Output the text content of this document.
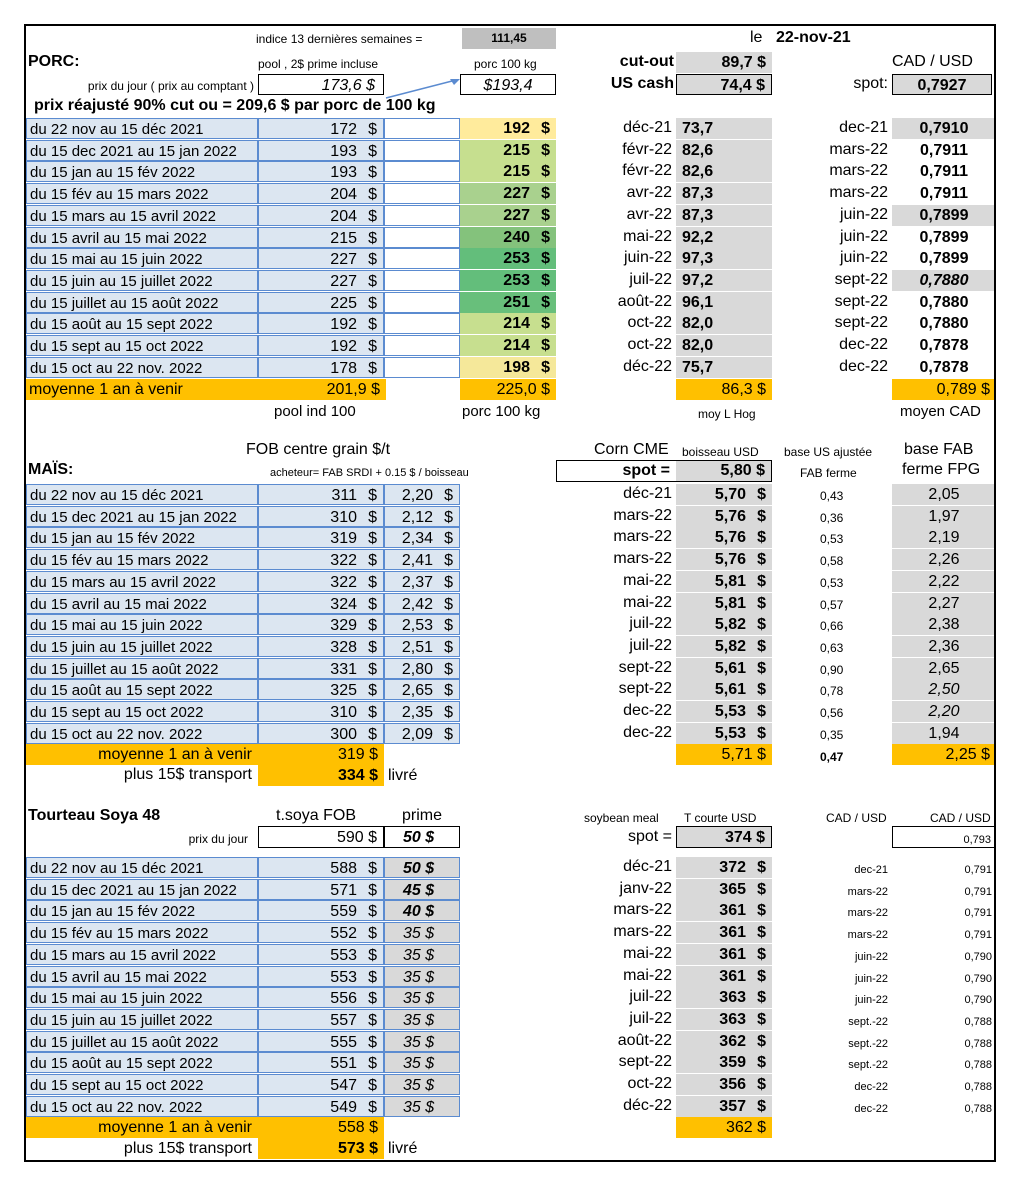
indice 13 dernières semaines =	111,45	le 22-nov-21
PORC:	pool , 2$ prime incluse	porc 100 kg
prix du jour ( prix au comptant )	173,6 $	$193,4
prix réajusté 90% cut ou = 209,6 $ par porc de 100 kg
cut-out	89,7 $
US cash	74,4 $
CAD / USD
spot:	0,7927
du 22 nov au 15 déc 2021	172 $	192 $	déc-21 73,7	dec-21	0,7910
du 15 dec 2021 au 15 jan 2022	193 $	215 $	févr-22 82,6	mars-22	0,7911
du 15 jan au 15 fév 2022	193 $	215 $	févr-22 82,6	mars-22	0,7911
du 15 fév au 15 mars 2022	204 $	227 $	avr-22 87,3	mars-22	0,7911
du 15 mars au 15 avril 2022	204 $	227 $	avr-22 87,3	juin-22	0,7899
du 15 avril au 15 mai 2022	215 $	240 $	mai-22 92,2	juin-22	0,7899
du 15 mai au 15 juin 2022	227 $	253 $	juin-22 97,3	juin-22	0,7899
du 15 juin au 15 juillet 2022	227 $	253 $	juil-22 97,2	sept-22	0,7880
du 15 juillet au 15 août 2022	225 $	251 $	août-22 96,1	sept-22	0,7880
du 15 août au 15 sept 2022	192 $	214 $	oct-22 82,0	sept-22	0,7880
du 15 sept au 15 oct 2022	192 $	214 $	oct-22 82,0	dec-22	0,7878
du 15 oct au 22 nov. 2022	178 $	198 $	déc-22 75,7	dec-22	0,7878
moyenne 1 an à venir	201,9 $	225,0 $	86,3 $	0,789 $
pool ind 100	porc 100 kg	moy L Hog	moyen CAD
FOB centre grain $/t
MAÏS:	acheteur= FAB SRDI + 0.15 $ / boisseau
Corn CME boisseau USD base US ajustée
FAB ferme
base FAB
ferme FPG
spot =	5,80 $
du 22 nov au 15 déc 2021	311 $ 2,20 $	déc-21	5,70 $	0,43	2,05
du 15 dec 2021 au 15 jan 2022	310 $ 2,12 $	mars-22	5,76 $	0,36	1,97
du 15 jan au 15 fév 2022	319 $ 2,34 $	mars-22	5,76 $	0,53	2,19
du 15 fév au 15 mars 2022	322 $ 2,41 $	mars-22	5,76 $	0,58	2,26
du 15 mars au 15 avril 2022	322 $ 2,37 $	mai-22	5,81 $	0,53	2,22
du 15 avril au 15 mai 2022	324 $ 2,42 $	mai-22	5,81 $	0,57	2,27
du 15 mai au 15 juin 2022	329 $ 2,53 $	juil-22	5,82 $	0,66	2,38
du 15 juin au 15 juillet 2022	328 $ 2,51 $	juil-22	5,82 $	0,63	2,36
du 15 juillet au 15 août 2022	331 $ 2,80 $	sept-22	5,61 $	0,90	2,65
du 15 août au 15 sept 2022	325 $ 2,65 $	sept-22	5,61 $	0,78	2,50
du 15 sept au 15 oct 2022	310 $ 2,35 $	dec-22	5,53 $	0,56	2,20
du 15 oct au 22 nov. 2022	300 $ 2,09 $	dec-22	5,53 $	0,35	1,94
moyenne 1 an à venir	319 $	5,71 $	0,47	2,25 $
plus 15$ transport	334 $ livré
Tourteau Soya 48	t.soya FOB	prime
prix du jour	590 $	50 $
soybean meal T courte USD	CAD / USD	CAD / USD
spot =	374 $	0,793
du 22 nov au 15 déc 2021	588 $	50 $	déc-21	372 $	dec-21	0,791
du 15 dec 2021 au 15 jan 2022	571 $	45 $	janv-22	365 $	mars-22	0,791
du 15 jan au 15 fév 2022	559 $	40 $	mars-22	361 $	mars-22	0,791
du 15 fév au 15 mars 2022	552 $	35 $	mars-22	361 $	mars-22	0,791
du 15 mars au 15 avril 2022	553 $	35 $	mai-22	361 $	juin-22	0,790
du 15 avril au 15 mai 2022	553 $	35 $	mai-22	361 $	juin-22	0,790
du 15 mai au 15 juin 2022	556 $	35 $	juil-22	363 $	juin-22	0,790
du 15 juin au 15 juillet 2022	557 $	35 $	juil-22	363 $	sept.-22	0,788
du 15 juillet au 15 août 2022	555 $	35 $	août-22	362 $	sept.-22	0,788
du 15 août au 15 sept 2022	551 $	35 $	sept-22	359 $	sept.-22	0,788
du 15 sept au 15 oct 2022	547 $	35 $	oct-22	356 $	dec-22	0,788
du 15 oct au 22 nov. 2022	549 $	35 $	déc-22	357 $	dec-22	0,788
moyenne 1 an à venir	558 $	362 $
plus 15$ transport	573 $ livré
